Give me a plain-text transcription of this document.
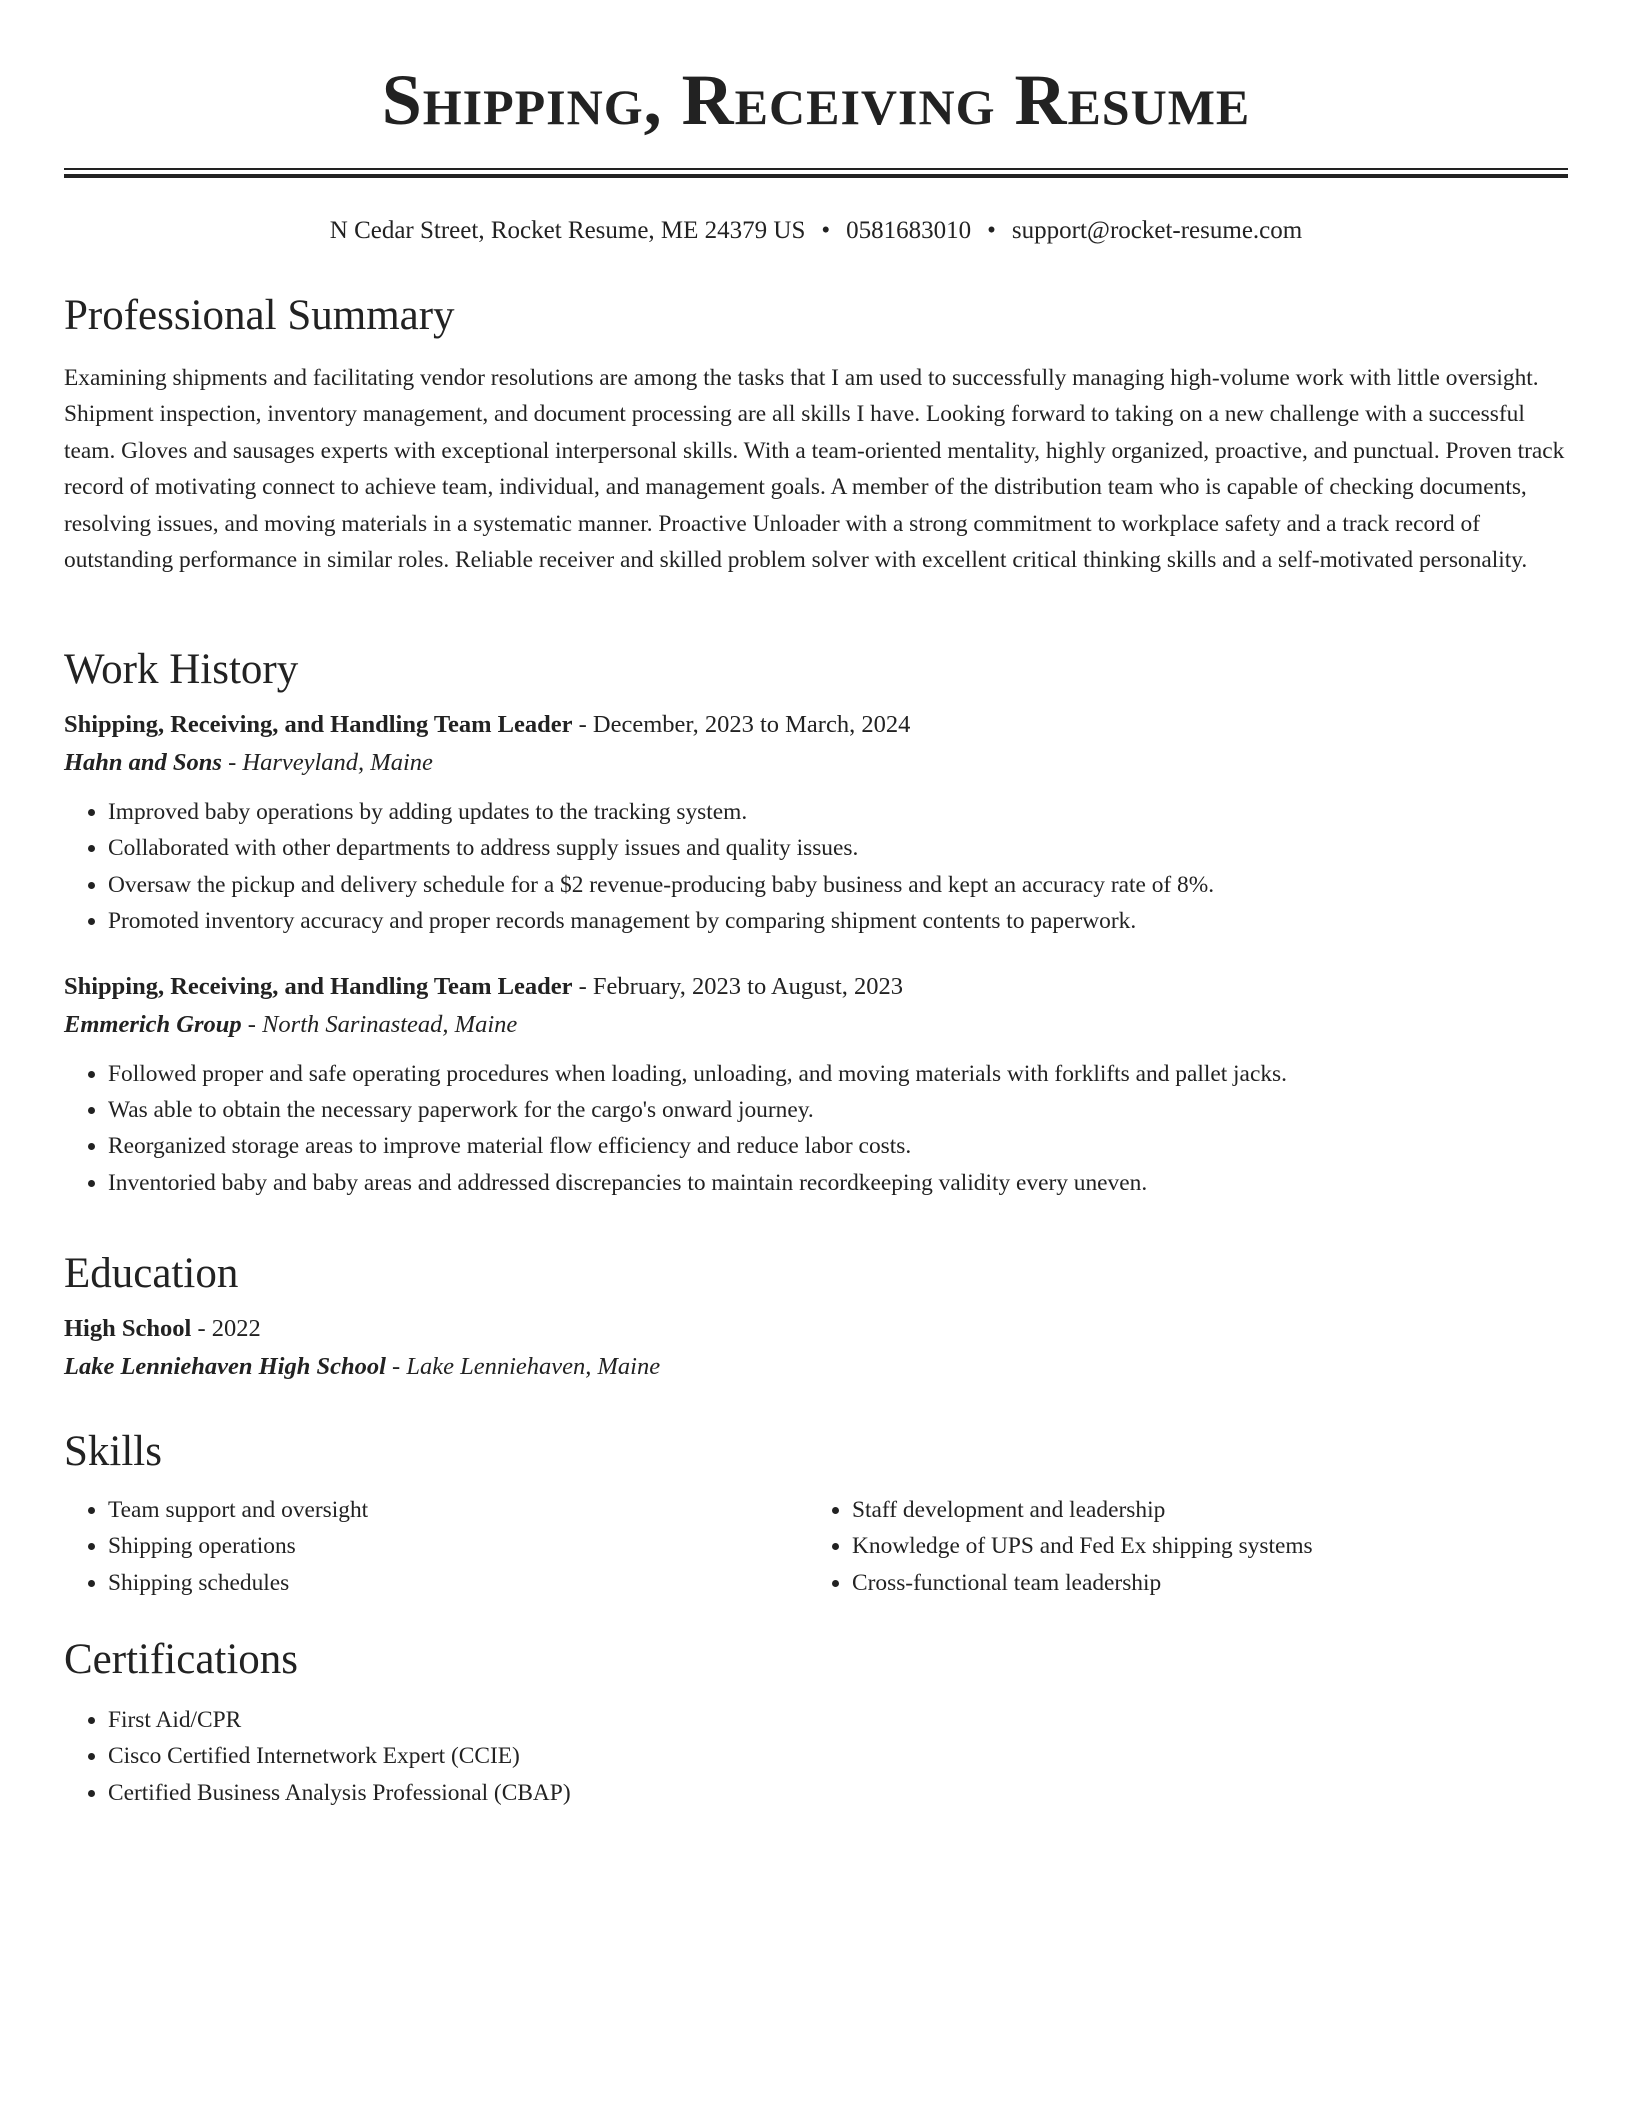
Shipping, Receiving Resume
N Cedar Street, Rocket Resume, ME 24379 US • 0581683010 • support@rocket-resume.com
Professional Summary

Examining shipments and facilitating vendor resolutions are among the tasks that I am used to successfully managing high-volume work with little oversight. Shipment inspection, inventory management, and document processing are all skills I have. Looking forward to taking on a new challenge with a successful team. Gloves and sausages experts with exceptional interpersonal skills. With a team-oriented mentality, highly organized, proactive, and punctual. Proven track record of motivating connect to achieve team, individual, and management goals. A member of the distribution team who is capable of checking documents, resolving issues, and moving materials in a systematic manner. Proactive Unloader with a strong commitment to workplace safety and a track record of outstanding performance in similar roles. Reliable receiver and skilled problem solver with excellent critical thinking skills and a self-motivated personality.

Work History

Shipping, Receiving, and Handling Team Leader - December, 2023 to March, 2024

Hahn and Sons - Harveyland, Maine

• Improved baby operations by adding updates to the tracking system.
• Collaborated with other departments to address supply issues and quality issues.
• Oversaw the pickup and delivery schedule for a $2 revenue-producing baby business and kept an accuracy rate of 8%.
• Promoted inventory accuracy and proper records management by comparing shipment contents to paperwork.

Shipping, Receiving, and Handling Team Leader - February, 2023 to August, 2023

Emmerich Group - North Sarinastead, Maine

• Followed proper and safe operating procedures when loading, unloading, and moving materials with forklifts and pallet jacks.
• Was able to obtain the necessary paperwork for the cargo's onward journey.
• Reorganized storage areas to improve material flow efficiency and reduce labor costs.
• Inventoried baby and baby areas and addressed discrepancies to maintain recordkeeping validity every uneven.
Education

High School - 2022

Lake Lenniehaven High School - Lake Lenniehaven, Maine

Skills
• Team support and oversight
• Shipping operations
• Shipping schedules
• Staff development and leadership
• Knowledge of UPS and Fed Ex shipping systems
• Cross-functional team leadership
Certifications
• First Aid/CPR
• Cisco Certified Internetwork Expert (CCIE)
• Certified Business Analysis Professional (CBAP)
